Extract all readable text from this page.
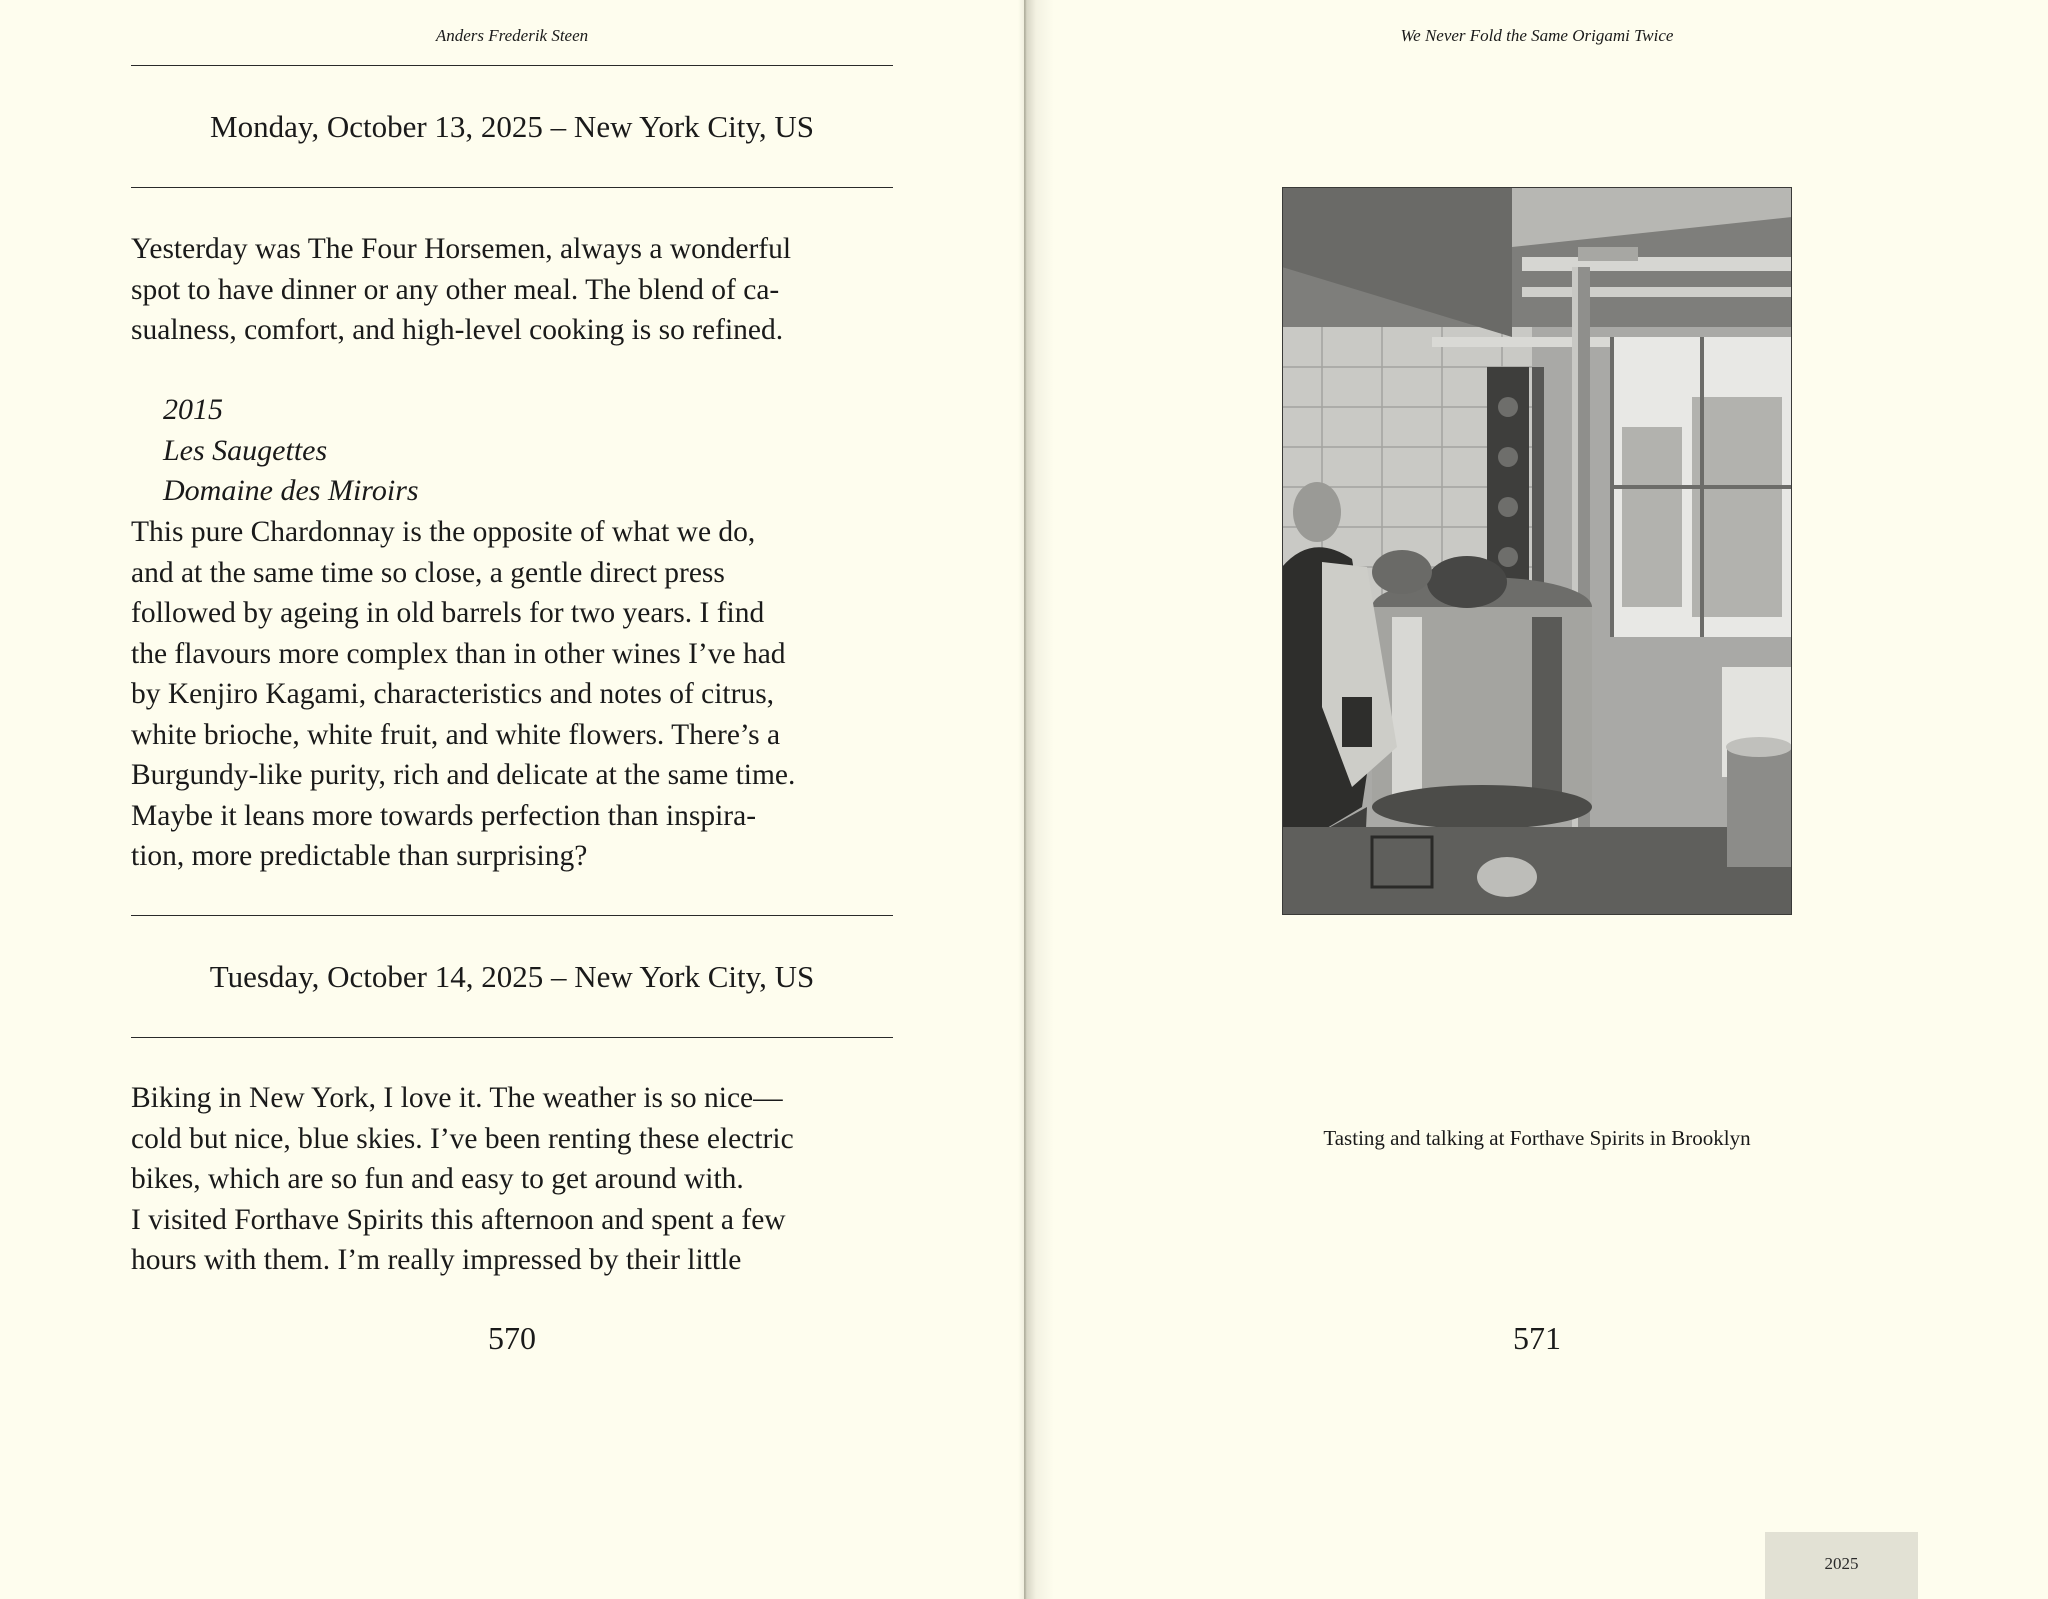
Anders Frederik Steen
Monday, October 13, 2025 – New York City, US

Yesterday was The Four Horsemen, always a wonderful

spot to have dinner or any other meal. The blend of ca-

sualness, comfort, and high-level cooking is so refined.

2015
Les Saugettes
Domaine des Miroirs

This pure Chardonnay is the opposite of what we do,

and at the same time so close, a gentle direct press

followed by ageing in old barrels for two years. I find

the flavours more complex than in other wines I’ve had

by Kenjiro Kagami, characteristics and notes of citrus,

white brioche, white fruit, and white flowers. There’s a

Burgundy-like purity, rich and delicate at the same time.

Maybe it leans more towards perfection than inspira-

tion, more predictable than surprising?

Tuesday, October 14, 2025 – New York City, US

Biking in New York, I love it. The weather is so nice—

cold but nice, blue skies. I’ve been renting these electric

bikes, which are so fun and easy to get around with.

I visited Forthave Spirits this afternoon and spent a few

hours with them. I’m really impressed by their little

570
We Never Fold the Same Origami Twice
Tasting and talking at Forthave Spirits in Brooklyn
571
2025
